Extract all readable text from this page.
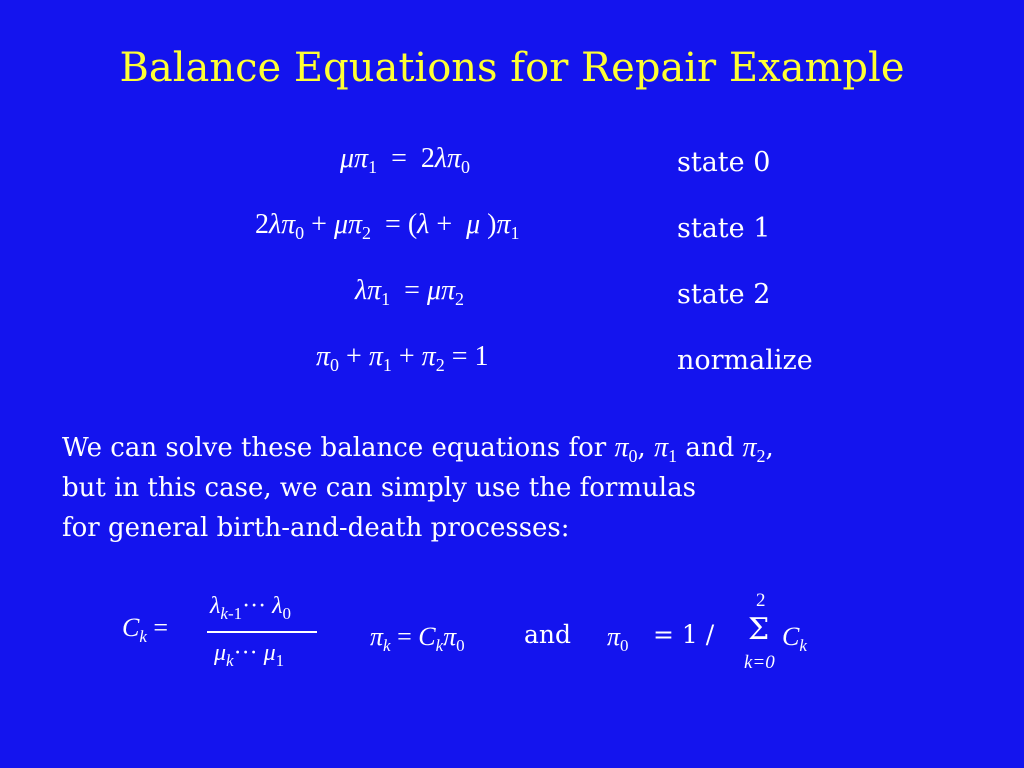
Balance Equations for Repair Example
$\mu\pi_1 = 2\lambda\pi_0$	state 0
$2\lambda\pi_0 + \mu\pi_2 = (\lambda + \mu$ )$\pi_1$	state 1
$\lambda\pi_1 = \mu\pi_2$	state 2
$\pi_0 + \pi_1 + \pi_2 = 1$	normalize
We can solve these balance equations for $\pi_0$, $\pi_1$ and $\pi_2$,
but in this case, we can simply use the formulas
for general birth-and-death processes:
$C_k$ =
$\lambda_{k-1}\cdot\cdot\cdot \lambda_0$
$\mu_k\cdot\cdot\cdot \mu_1$
$\pi_k = C_k\pi_0$ and $\pi_0 = 1$ /
2
Σ
k=0
$C_k$
